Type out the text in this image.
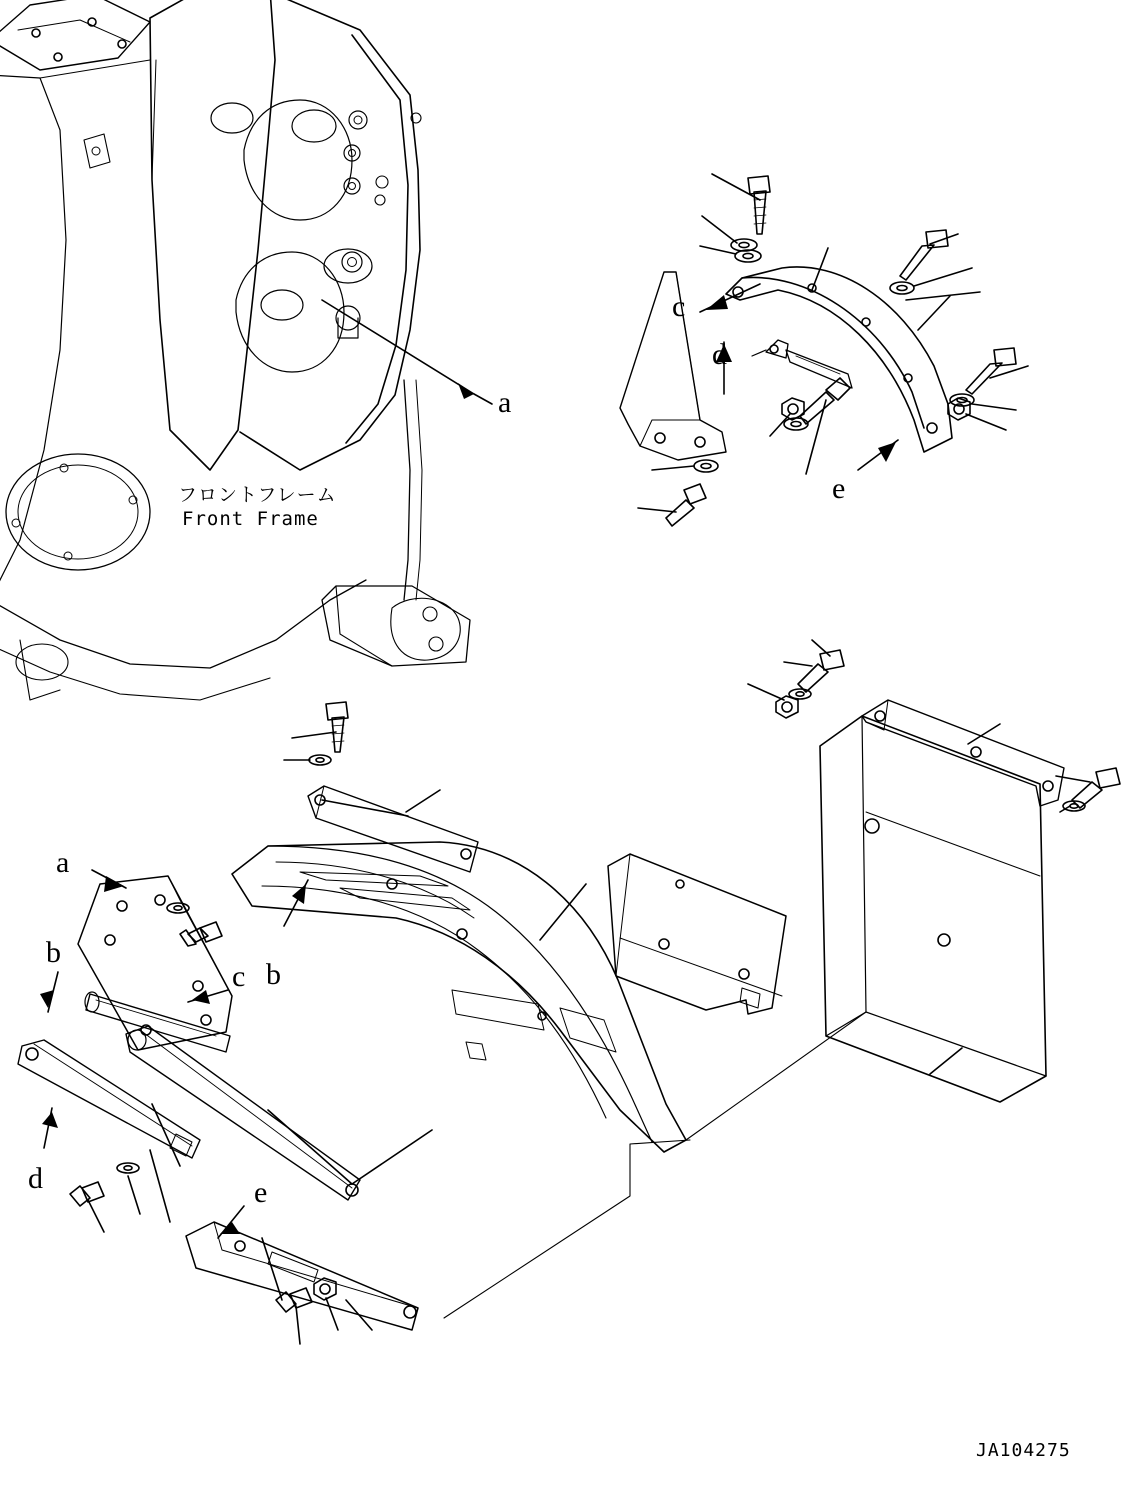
a
c
d
e
a
b
b
c
d	e
フロントフレーム
Front Frame
JA104275
